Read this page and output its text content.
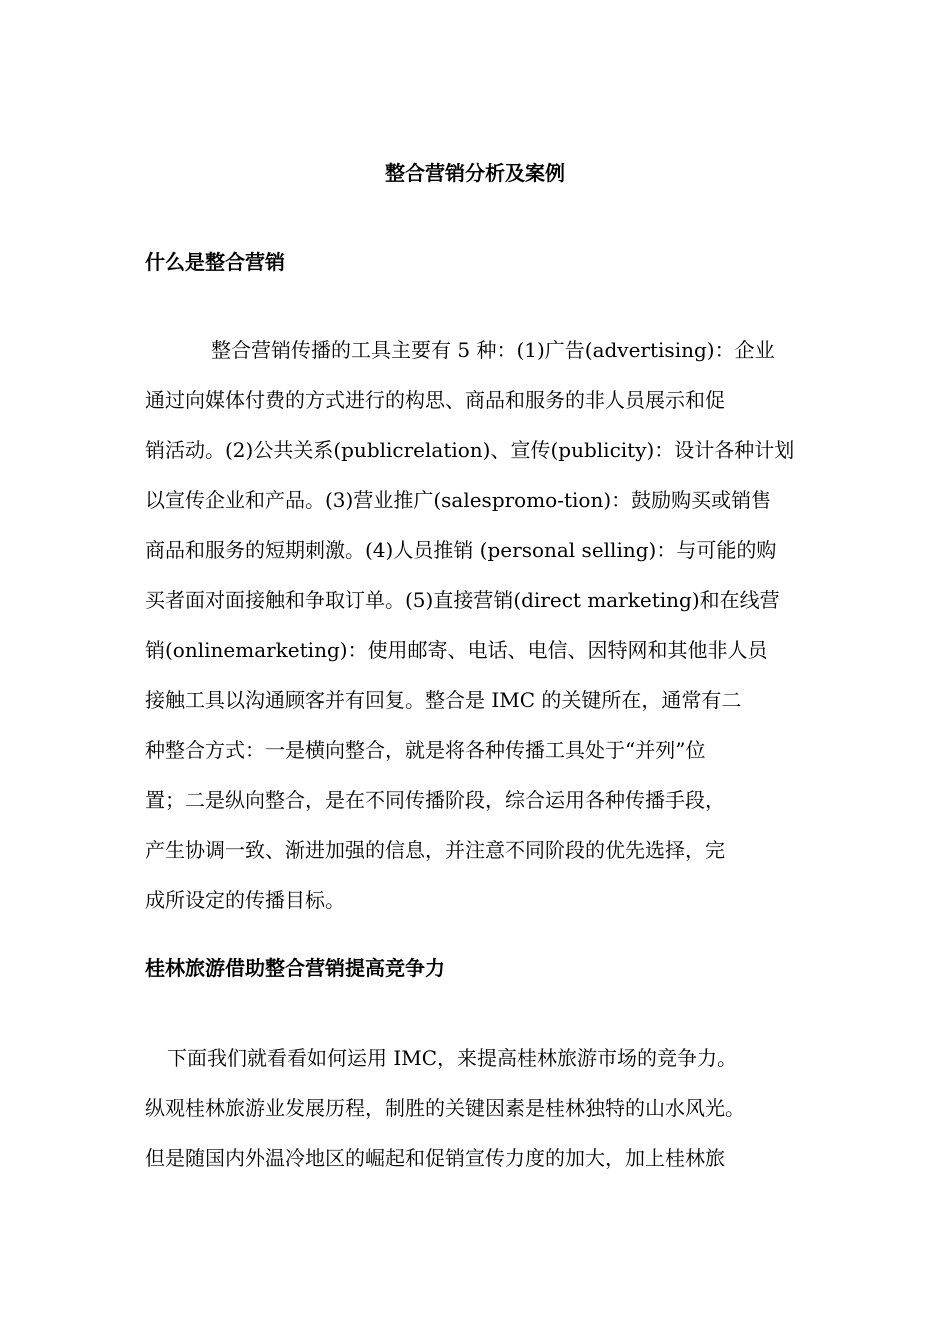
整合营销分析及案例
什么是整合营销
整合营销传播的工具主要有 5 种：(1)广告(advertising)：企业
通过向媒体付费的方式进行的构思、商品和服务的非人员展示和促
销活动。(2)公共关系(publicrelation)、宣传(publicity)：设计各种计划
以宣传企业和产品。(3)营业推广(salespromo-tion)：鼓励购买或销售
商品和服务的短期刺激。(4)人员推销 (personal selling)：与可能的购
买者面对面接触和争取订单。(5)直接营销(direct marketing)和在线营
销(onlinemarketing)：使用邮寄、电话、电信、因特网和其他非人员
接触工具以沟通顾客并有回复。整合是 IMC 的关键所在，通常有二
种整合方式：一是横向整合，就是将各种传播工具处于“并列”位
置；二是纵向整合，是在不同传播阶段，综合运用各种传播手段，
产生协调一致、渐进加强的信息，并注意不同阶段的优先选择，完
成所设定的传播目标。
桂林旅游借助整合营销提高竞争力
下面我们就看看如何运用 IMC，来提高桂林旅游市场的竞争力。
纵观桂林旅游业发展历程，制胜的关键因素是桂林独特的山水风光。
但是随国内外温冷地区的崛起和促销宣传力度的加大，加上桂林旅
